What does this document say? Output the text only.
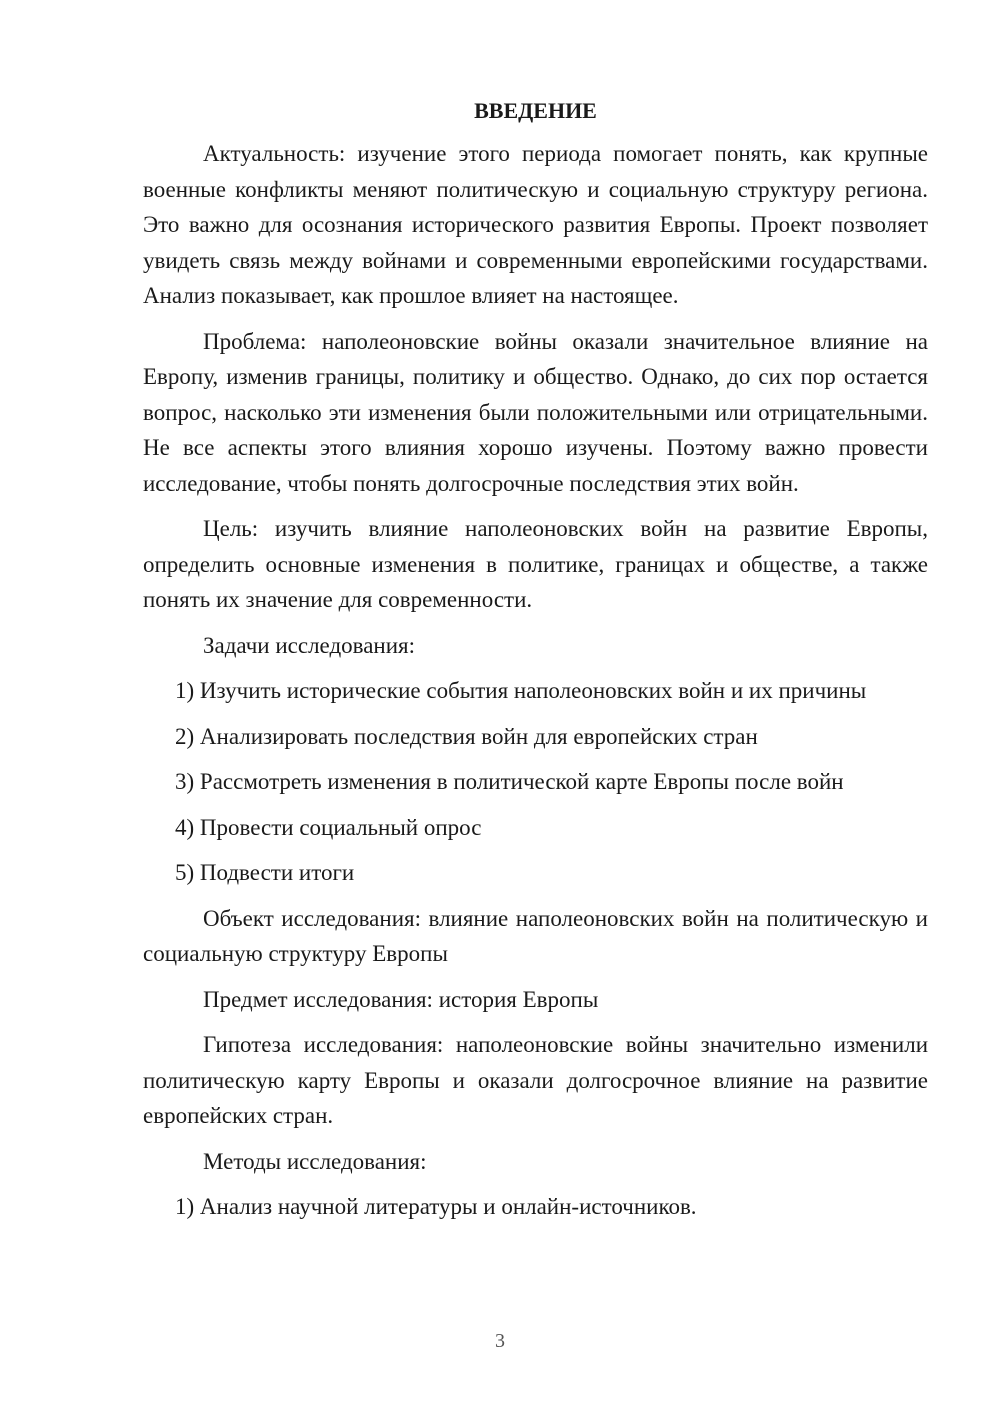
ВВЕДЕНИЕ

Актуальность: изучение этого периода помогает понять, как крупные военные конфликты меняют политическую и социальную структуру региона. Это важно для осознания исторического развития Европы. Проект позволяет увидеть связь между войнами и современными европейскими государствами. Анализ показывает, как прошлое влияет на настоящее.

Проблема: наполеоновские войны оказали значительное влияние на Европу, изменив границы, политику и общество. Однако, до сих пор остается вопрос, насколько эти изменения были положительными или отрицательными. Не все аспекты этого влияния хорошо изучены. Поэтому важно провести исследование, чтобы понять долгосрочные последствия этих войн.

Цель: изучить влияние наполеоновских войн на развитие Европы, определить основные изменения в политике, границах и обществе, а также понять их значение для современности.

Задачи исследования:
1) Изучить исторические события наполеоновских войн и их причины
2) Анализировать последствия войн для европейских стран
3) Рассмотреть изменения в политической карте Европы после войн
4) Провести социальный опрос
5) Подвести итоги

Объект исследования: влияние наполеоновских войн на политическую и социальную структуру Европы

Предмет исследования: история Европы

Гипотеза исследования: наполеоновские войны значительно изменили политическую карту Европы и оказали долгосрочное влияние на развитие европейских стран.

Методы исследования:
1) Анализ научной литературы и онлайн-источников.
3
